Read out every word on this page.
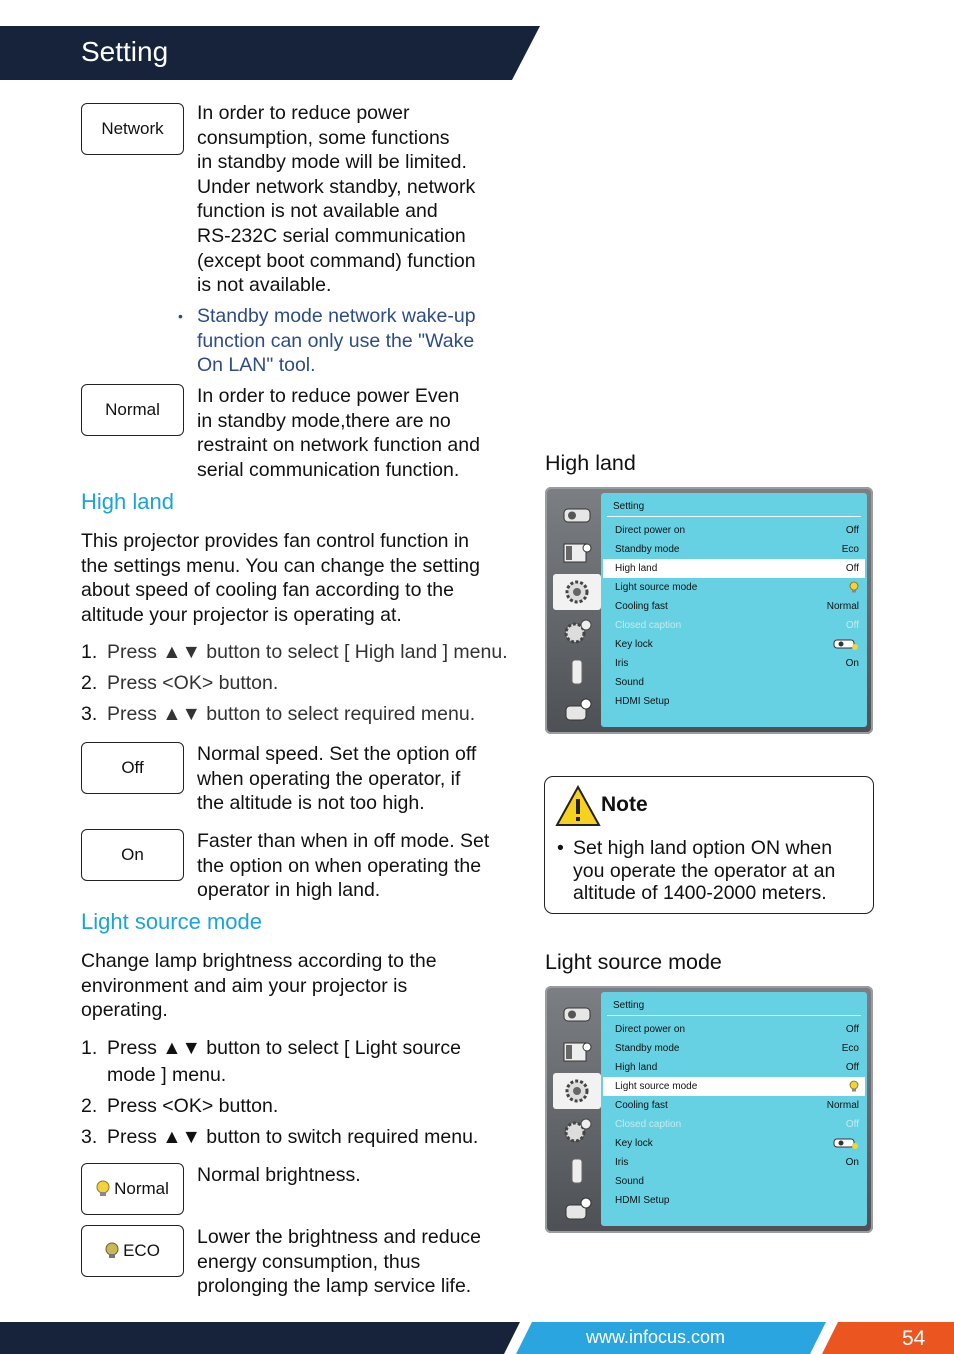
Setting
Network
In order to reduce power
consumption, some functions
in standby mode will be limited.
Under network standby, network
function is not available and
RS-232C serial communication
(except boot command) function
is not available.
• Standby mode network wake-up
function can only use the "Wake
On LAN" tool.
Normal
In order to reduce power Even
in standby mode,there are no
restraint on network function and
serial communication function.
High land
This projector provides fan control function in
the settings menu. You can change the setting
about speed of cooling fan according to the
altitude your projector is operating at.
1. Press ▲▼ button to select [ High land ] menu.
2. Press <OK> button.
3. Press ▲▼ button to select required menu.
Off
Normal speed. Set the option off
when operating the operator, if
the altitude is not too high.
On
Faster than when in off mode. Set
the option on when operating the
operator in high land.
Light source mode
Change lamp brightness according to the
environment and aim your projector is
operating.
1. Press ▲▼ button to select [ Light source
mode ] menu.
2. Press <OK> button.
3. Press ▲▼ button to switch required menu.
Normal
Normal brightness.
ECO
Lower the brightness and reduce
energy consumption, thus
prolonging the lamp service life.
High land
Setting
Direct power on	Off
Standby mode	Eco
High land	Off
Light source mode
Cooling fast	Normal
Closed caption	Off
Key lock
Iris	On
Sound
HDMI Setup
Note
• Set high land option ON when
you operate the operator at an
altitude of 1400-2000 meters.
Light source mode
Setting
Direct power on	Off
Standby mode	Eco
High land	Off
Light source mode
Cooling fast	Normal
Closed caption	Off
Key lock
Iris	On
Sound
HDMI Setup
www.infocus.com	54
